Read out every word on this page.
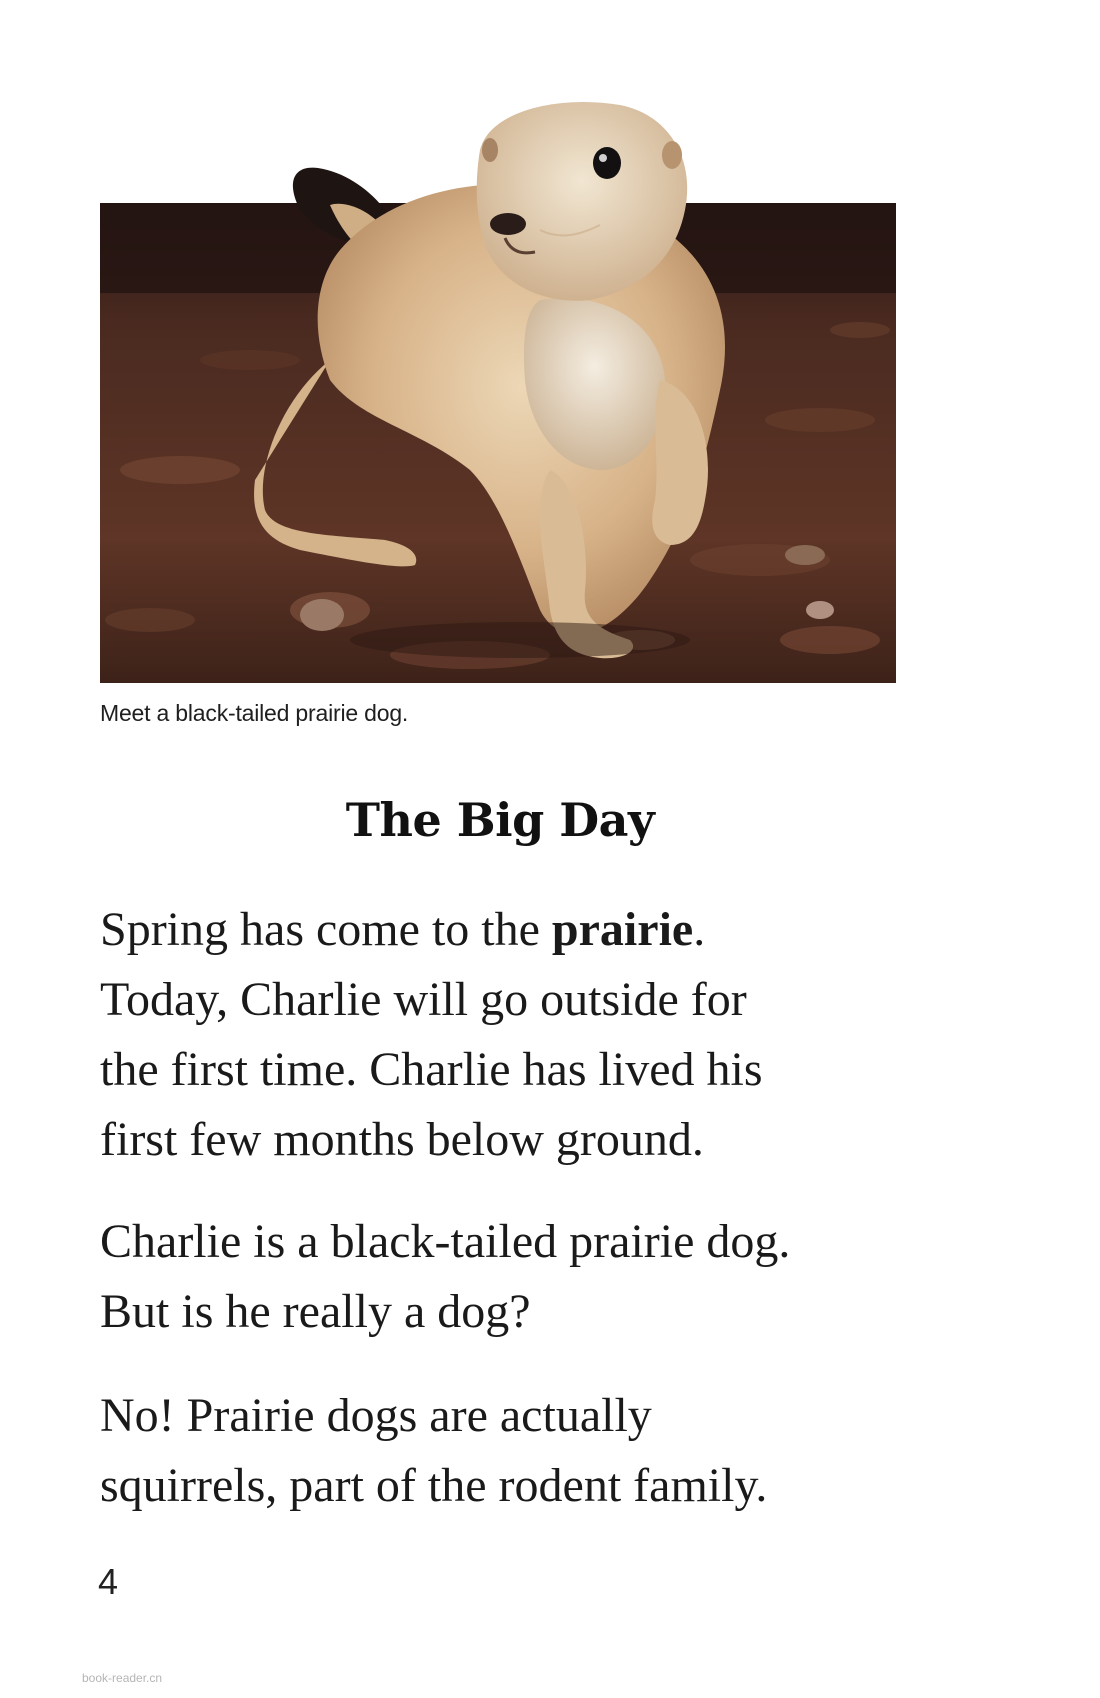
Meet a black-tailed prairie dog.
The Big Day

Spring has come to the prairie.
Today, Charlie will go outside for
the first time. Charlie has lived his
first few months below ground.

Charlie is a black-tailed prairie dog.
But is he really a dog?

No! Prairie dogs are actually
squirrels, part of the rodent family.

4
book-reader.cn
